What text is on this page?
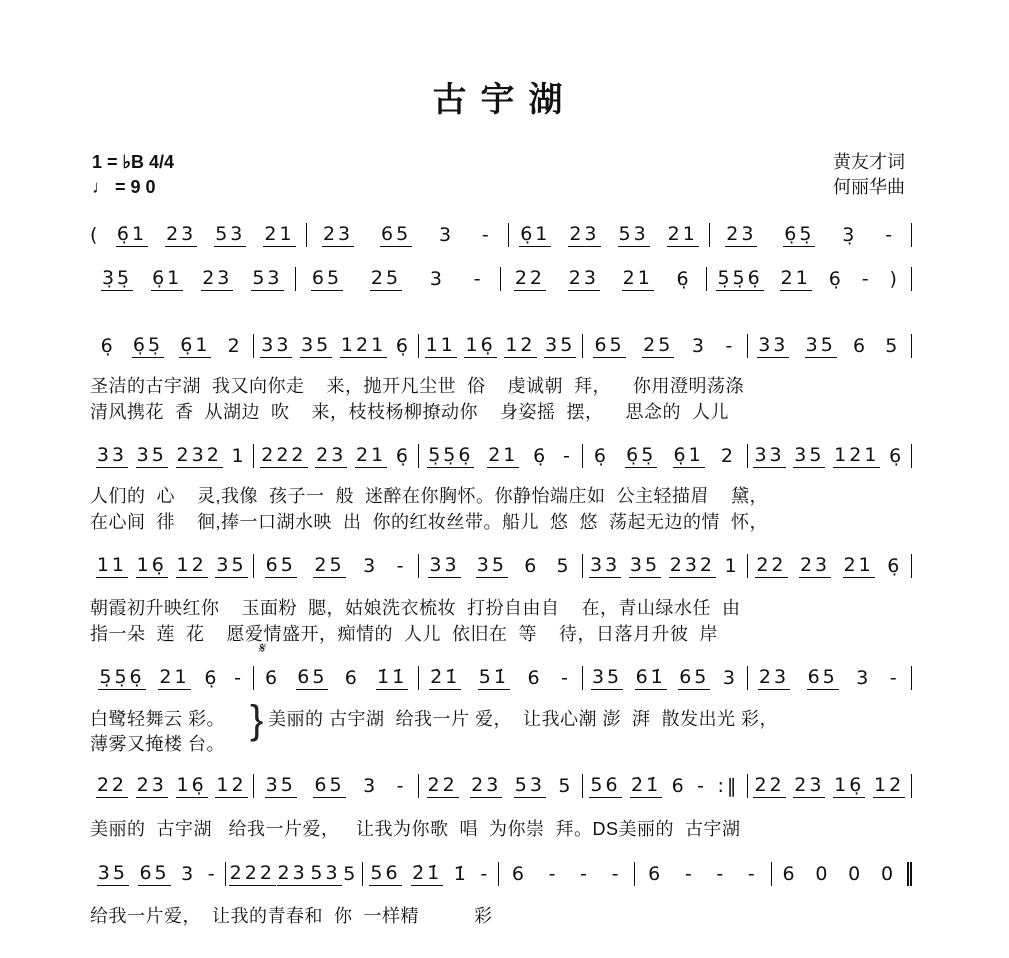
古宇湖
1 = ♭B 4/4
♩ = 9 0
黄友才词
何丽华曲
( 6̣1 23 53 21 23 65 3 - 6̣1 23 53 21 23 6̣5̣ 3̣ -
3̣5̣ 6̣1 23 53 65 25 3 - 22 23 21 6̣ 5̣5̣6̣ 21 6̣ - )
6̣ 6̣5̣ 6̣1 2 33 35 121 6̣ 11 16̣ 12 35 65 25 3 - 33 35 6 5
33 35 232 1 222 23 21 6̣ 5̣5̣6̣ 21 6̣ - 6̣ 6̣5̣ 6̣1 2 33 35 121 6̣
11 16̣ 12 35 65 25 3 - 33 35 6 5 33 35 232 1 22 23 21 6̣
5̣5̣6̣ 21 6̣ - 6 65 6 1̇1̇ 2̇1̇ 51̇ 6 - 35 61̇ 65 3 23 65 3 -
22 23 16̣ 12 35 65 3 - 22 23 53 5 56 2̇1̇ 6 - :‖ 22 23 16̣ 12
35 65 3 - 222 23 53 5 56 2̇1̇ 1̇ - 6 - - - 6 - - - 6 0 0 0
圣洁的古宇湖  我又向你走    来，抛开凡尘世  俗    虔诚朝  拜，    你用澄明荡涤
清风携花  香  从湖边  吹    来，枝枝杨柳撩动你    身姿摇  摆，    思念的  人儿
人们的  心    灵,我像  孩子一  般  迷醉在你胸怀。你静怡端庄如  公主轻描眉    黛，
在心间  徘    徊,捧一口湖水映  出  你的红妆丝带。船儿  悠  悠  荡起无边的情  怀，
朝霞初升映红你    玉面粉  腮，姑娘洗衣梳妆  打扮自由自    在，青山绿水任  由
指一朵  莲  花    愿爱情盛开，痴情的  人儿  依旧在  等    待，日落月升彼  岸
白鹭轻舞云 彩。
薄雾又掩楼 台。
} 美丽的 古宇湖  给我一片 爱，  让我心潮 澎  湃  散发出光 彩，
美丽的  古宇湖   给我一片爱，   让我为你歌  唱  为你崇  拜。DS美丽的  古宇湖
给我一片爱，  让我的青春和  你  一样精          彩
𝄋
